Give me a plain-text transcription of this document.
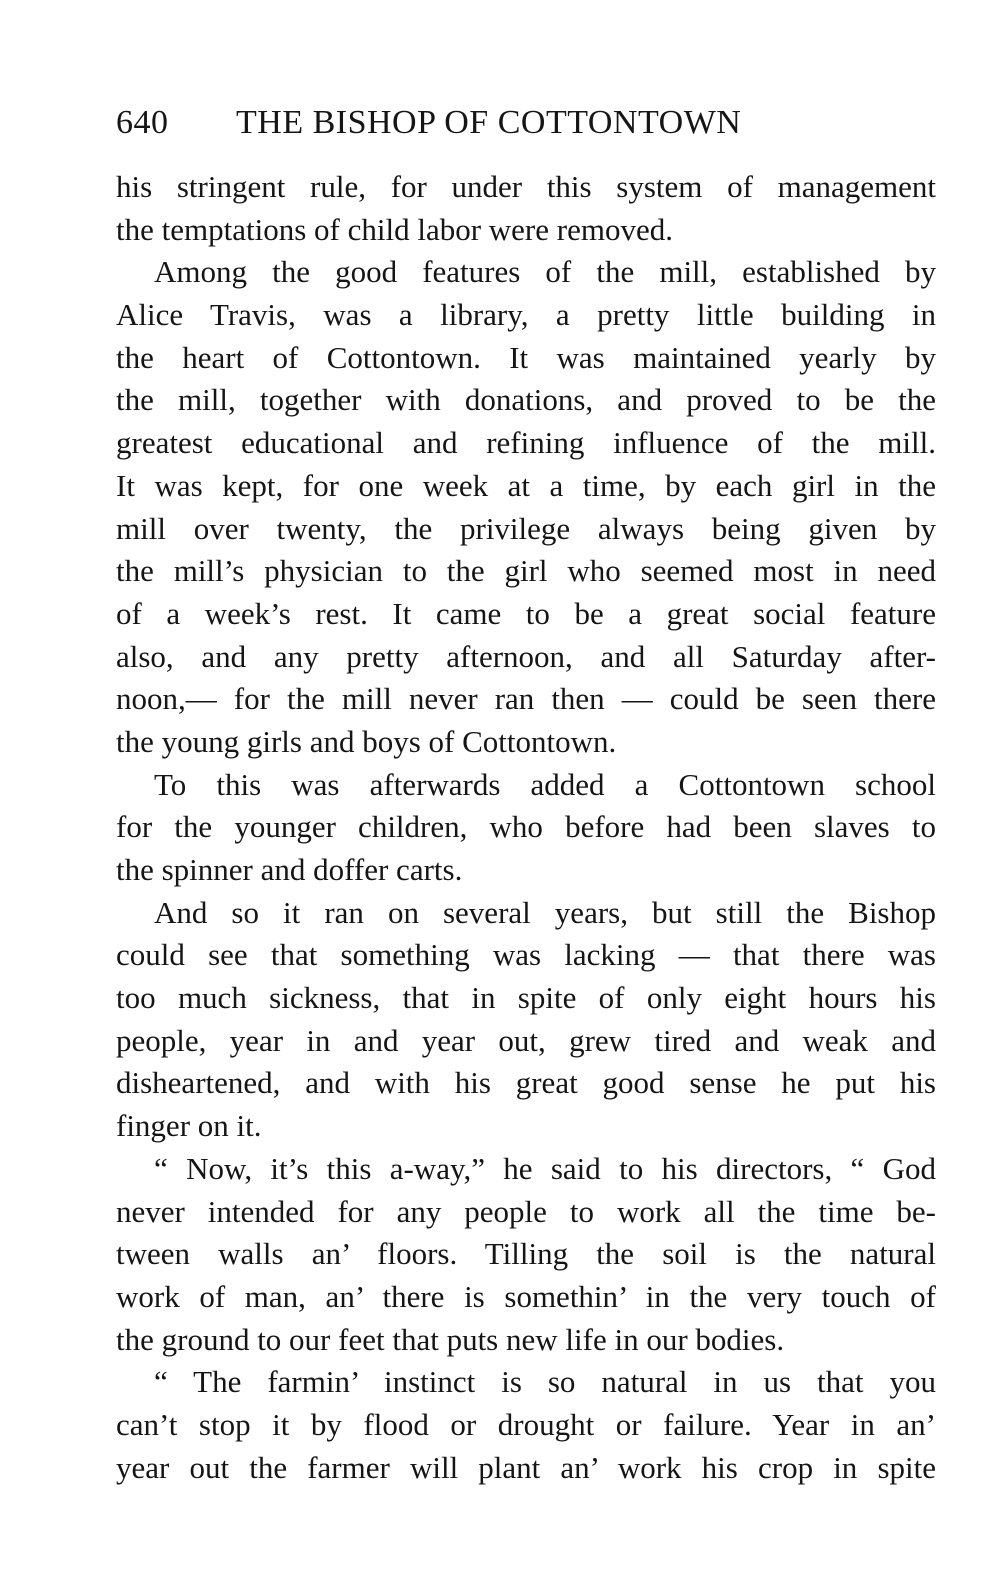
640 THE BISHOP OF COTTONTOWN
his stringent rule, for under this system of management
the temptations of child labor were removed.
Among the good features of the mill, established by
Alice Travis, was a library, a pretty little building in
the heart of Cottontown. It was maintained yearly by
the mill, together with donations, and proved to be the
greatest educational and refining influence of the mill.
It was kept, for one week at a time, by each girl in the
mill over twenty, the privilege always being given by
the mill’s physician to the girl who seemed most in need
of a week’s rest. It came to be a great social feature
also, and any pretty afternoon, and all Saturday after-
noon,— for the mill never ran then — could be seen there
the young girls and boys of Cottontown.
To this was afterwards added a Cottontown school
for the younger children, who before had been slaves to
the spinner and doffer carts.
And so it ran on several years, but still the Bishop
could see that something was lacking — that there was
too much sickness, that in spite of only eight hours his
people, year in and year out, grew tired and weak and
disheartened, and with his great good sense he put his
finger on it.
“ Now, it’s this a-way,” he said to his directors, “ God
never intended for any people to work all the time be-
tween walls an’ floors. Tilling the soil is the natural
work of man, an’ there is somethin’ in the very touch of
the ground to our feet that puts new life in our bodies.
“ The farmin’ instinct is so natural in us that you
can’t stop it by flood or drought or failure. Year in an’
year out the farmer will plant an’ work his crop in spite
